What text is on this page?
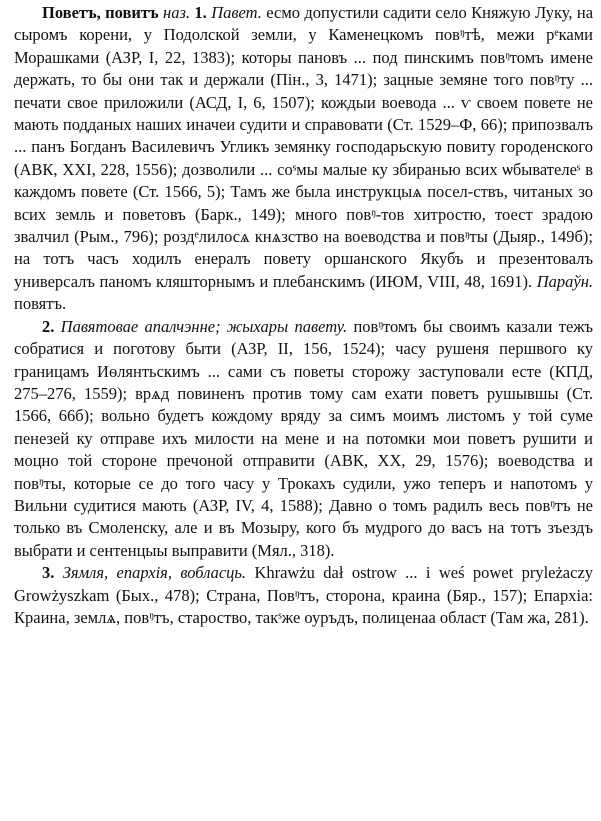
Поветъ, повитъ наз. 1. Павет. есмо допустили садити село Княжую Луку, на сыромъ корени, у Подолской земли, у Каменецкомъ повᵑтѣ, межи рᵉками Морашками (АЗР, I, 22, 1383); которы пановъ ... под пинскимъ повᵑтомъ имене держать, то бы они так и держали (Пін., 3, 1471); зацные земяне того повᵑту ... печати свое приложили (АСД, I, 6, 1507); кождыи воевода ... ѵ своем повете не мають подданых наших иначеи судити и справовати (Ст. 1529–Ф, 66); припозвалъ ... панъ Богданъ Василевичъ Угликъ земянку господарьскую повиту городенского (АВК, XXI, 228, 1556); дозволили ... соˢмы малые ку збиранью всих ѡбывателеˢ в каждомъ повете (Ст. 1566, 5); Тамъ же была инструкцыѧ посел-ствъ, читаных зо всих земль и поветовъ (Барк., 149); много повᵑ-тов хитростю, тоест зрадою звалчил (Рым., 796); роздᵉлилосѧ кнѧзство на воеводства и повᵑты (Дыяр., 149б); на тотъ часъ ходилъ енералъ повету оршанского Якубъ и презентовалъ универсалъ паномъ кляшторнымъ и плебанскимъ (ИЮМ, VIII, 48, 1691). Параўн. повятъ.

2. Павятовае апалчэнне; жыхары павету. повᵑтомъ бы своимъ казали тежъ собратися и поготову быти (АЗР, II, 156, 1524); часу рушеня першвого ку границамъ Иѳлянтьскимъ ... сами съ поветы сторожу заступовали есте (КПД, 275–276, 1559); врѧд повиненъ против тому сам ехати поветъ рушывшы (Ст. 1566, 66б); вольно будетъ кождому вряду за симъ моимъ листомъ у той суме пенезей ку отправе ихъ милости на мене и на потомки мои поветъ рушити и моцно той стороне пречоной отправити (АВК, XX, 29, 1576); воеводства и повᵑты, которые се до того часу у Трокахъ судили, ужо теперъ и напотомъ у Вильни судитися мають (АЗР, IV, 4, 1588); Давно о томъ радилъ весь повᵑтъ не только въ Смоленску, але и въ Мозыру, кого бъ мудрого до васъ на тотъ зъездъ выбрати и сентенцыы выправити (Мял., 318).

3. Зямля, епархія, вобласць. Khrawżu dał ostrow ... i weś powet pryleżaczy Growżyszkam (Бых., 478); Страна, Повᵑтъ, сторона, краина (Бяр., 157); Епархіа: Краина, землѧ, повᵑтъ, староство, такˢже оуръдъ, полиценаа област (Там жа, 281).
